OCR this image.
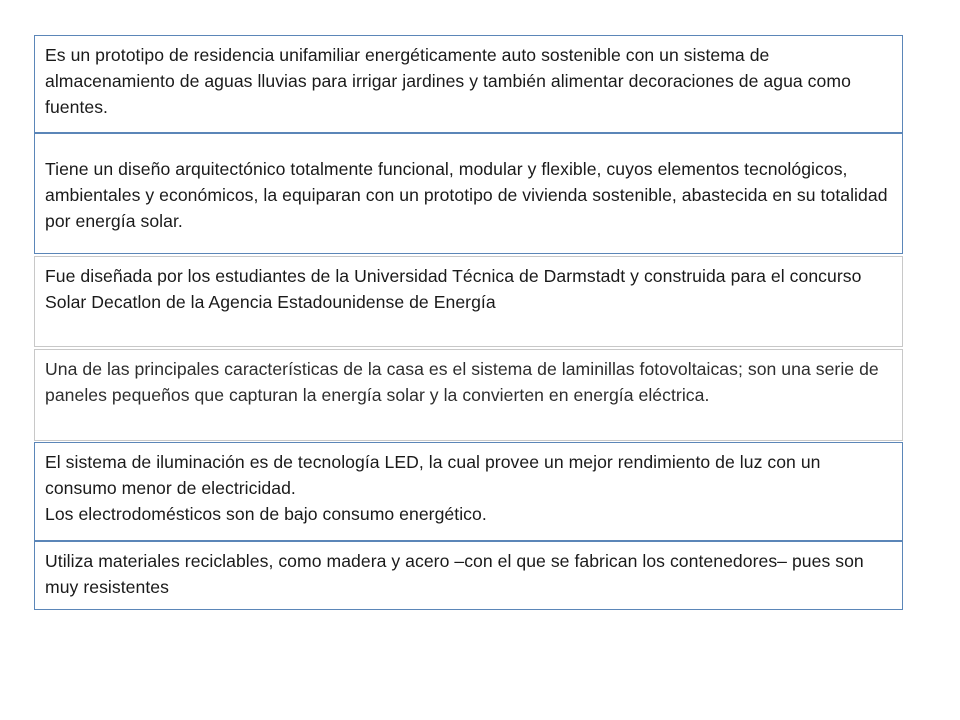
Es un prototipo de residencia unifamiliar energéticamente auto sostenible con un sistema de almacenamiento de aguas lluvias para irrigar jardines y también alimentar decoraciones de agua como fuentes.

Tiene un diseño arquitectónico totalmente funcional, modular y flexible, cuyos elementos tecnológicos, ambientales y económicos, la equiparan con un prototipo de vivienda sostenible, abastecida en su totalidad por energía solar.

Fue diseñada por los estudiantes de la Universidad Técnica de Darmstadt y construida para el concurso Solar Decatlon de la Agencia Estadounidense de Energía

Una de las principales características de la casa es el sistema de laminillas fotovoltaicas; son una serie de paneles pequeños que capturan la energía solar y la convierten en energía eléctrica.

El sistema de iluminación es de tecnología LED, la cual provee un mejor rendimiento de luz con un consumo menor de electricidad.
Los electrodomésticos son de bajo consumo energético.

Utiliza materiales reciclables, como madera y acero –con el que se fabrican los contenedores– pues son muy resistentes
